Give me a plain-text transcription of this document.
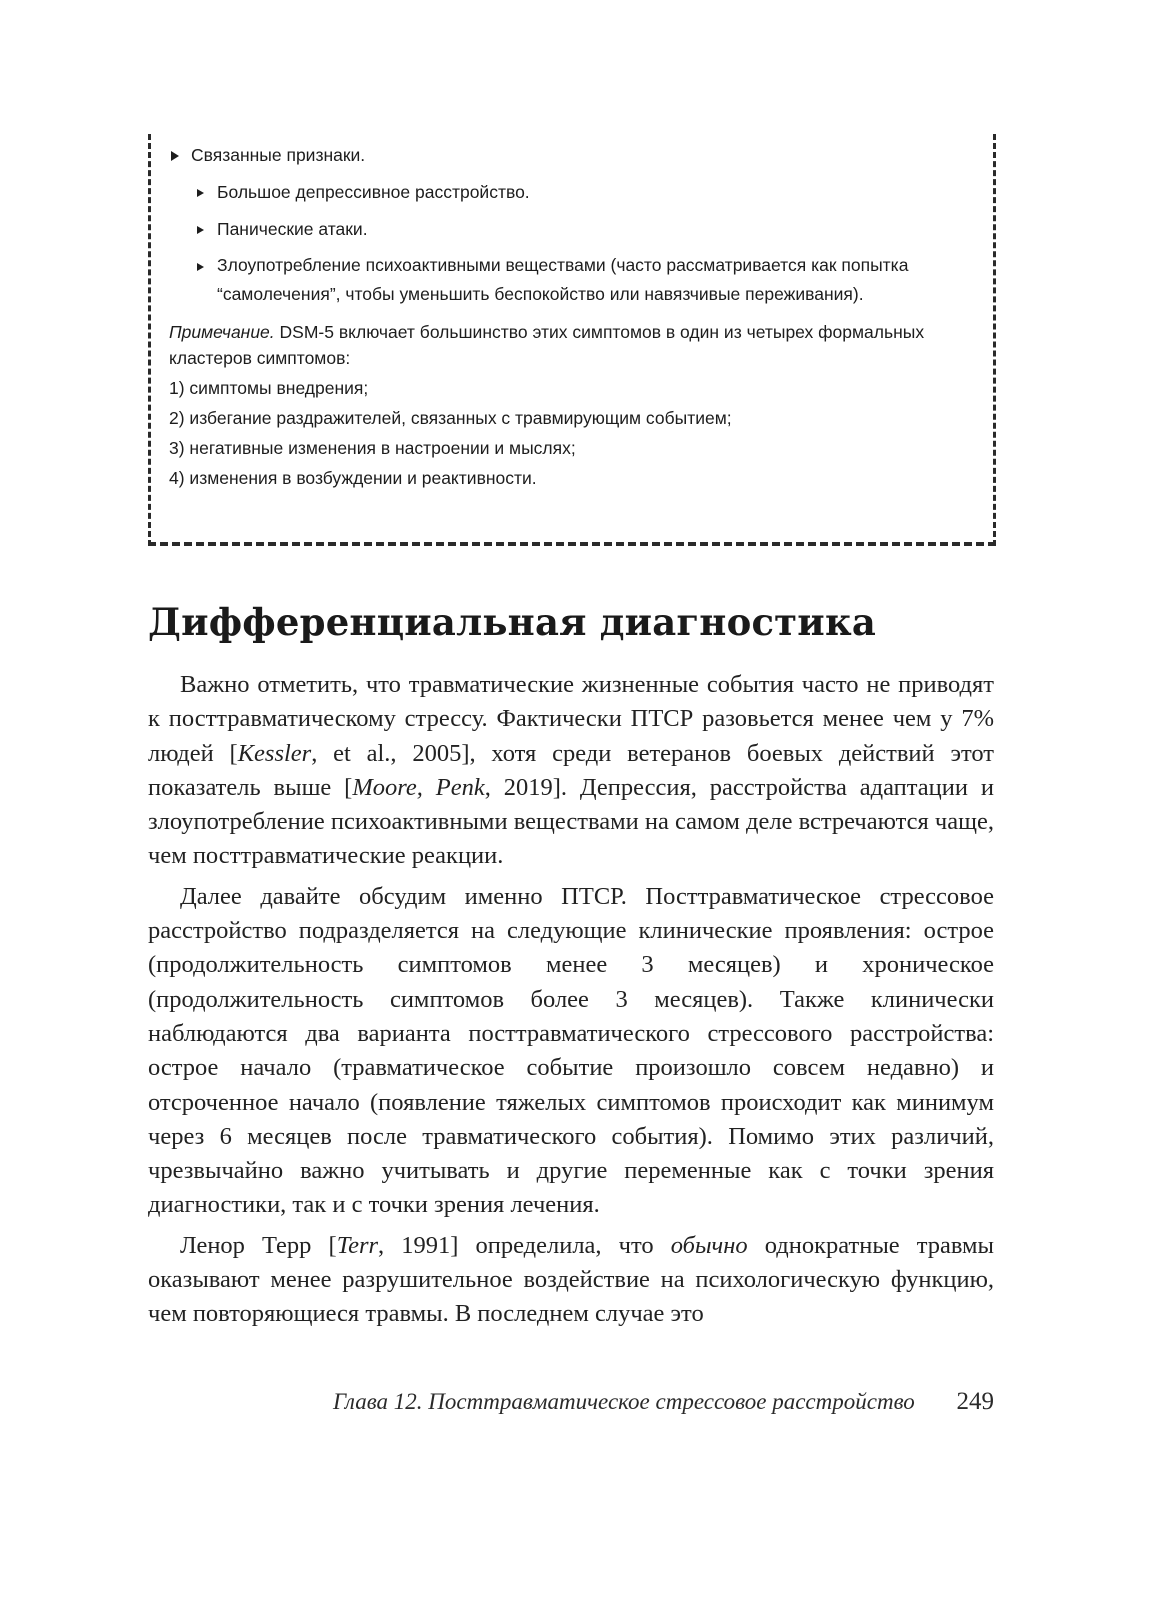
Связанные признаки.
Большое депрессивное расстройство.
Панические атаки.
Злоупотребление психоактивными веществами (часто рассматривается как попытка “самолечения”, чтобы уменьшить беспокойство или навязчивые переживания).
Примечание. DSM-5 включает большинство этих симптомов в один из четырех формальных кластеров симптомов:
1) симптомы внедрения;
2) избегание раздражителей, связанных с травмирующим событием;
3) негативные изменения в настроении и мыслях;
4) изменения в возбуждении и реактивности.
Дифференциальная диагностика

Важно отметить, что травматические жизненные события часто не приводят к посттравматическому стрессу. Фактически ПТСР разовьется менее чем у 7% людей [Kessler, et al., 2005], хотя среди ветеранов боевых действий этот показатель выше [Moore, Penk, 2019]. Депрессия, расстройства адаптации и злоупотребление психоактивными веществами на самом деле встречаются чаще, чем посттравматические реакции.

Далее давайте обсудим именно ПТСР. Посттравматическое стрессовое расстройство подразделяется на следующие клинические проявления: острое (продолжительность симптомов менее 3 месяцев) и хроническое (продолжительность симптомов более 3 месяцев). Также клинически наблюдаются два варианта посттравматического стрессового расстройства: острое начало (травматическое событие произошло совсем недавно) и отсроченное начало (появление тяжелых симптомов происходит как минимум через 6 месяцев после травматического события). Помимо этих различий, чрезвычайно важно учитывать и другие переменные как с точки зрения диагностики, так и с точки зрения лечения.

Ленор Терр [Terr, 1991] определила, что обычно однократные травмы оказывают менее разрушительное воздействие на психологическую функцию, чем повторяющиеся травмы. В последнем случае это

Глава 12. Посттравматическое стрессовое расстройство 249
